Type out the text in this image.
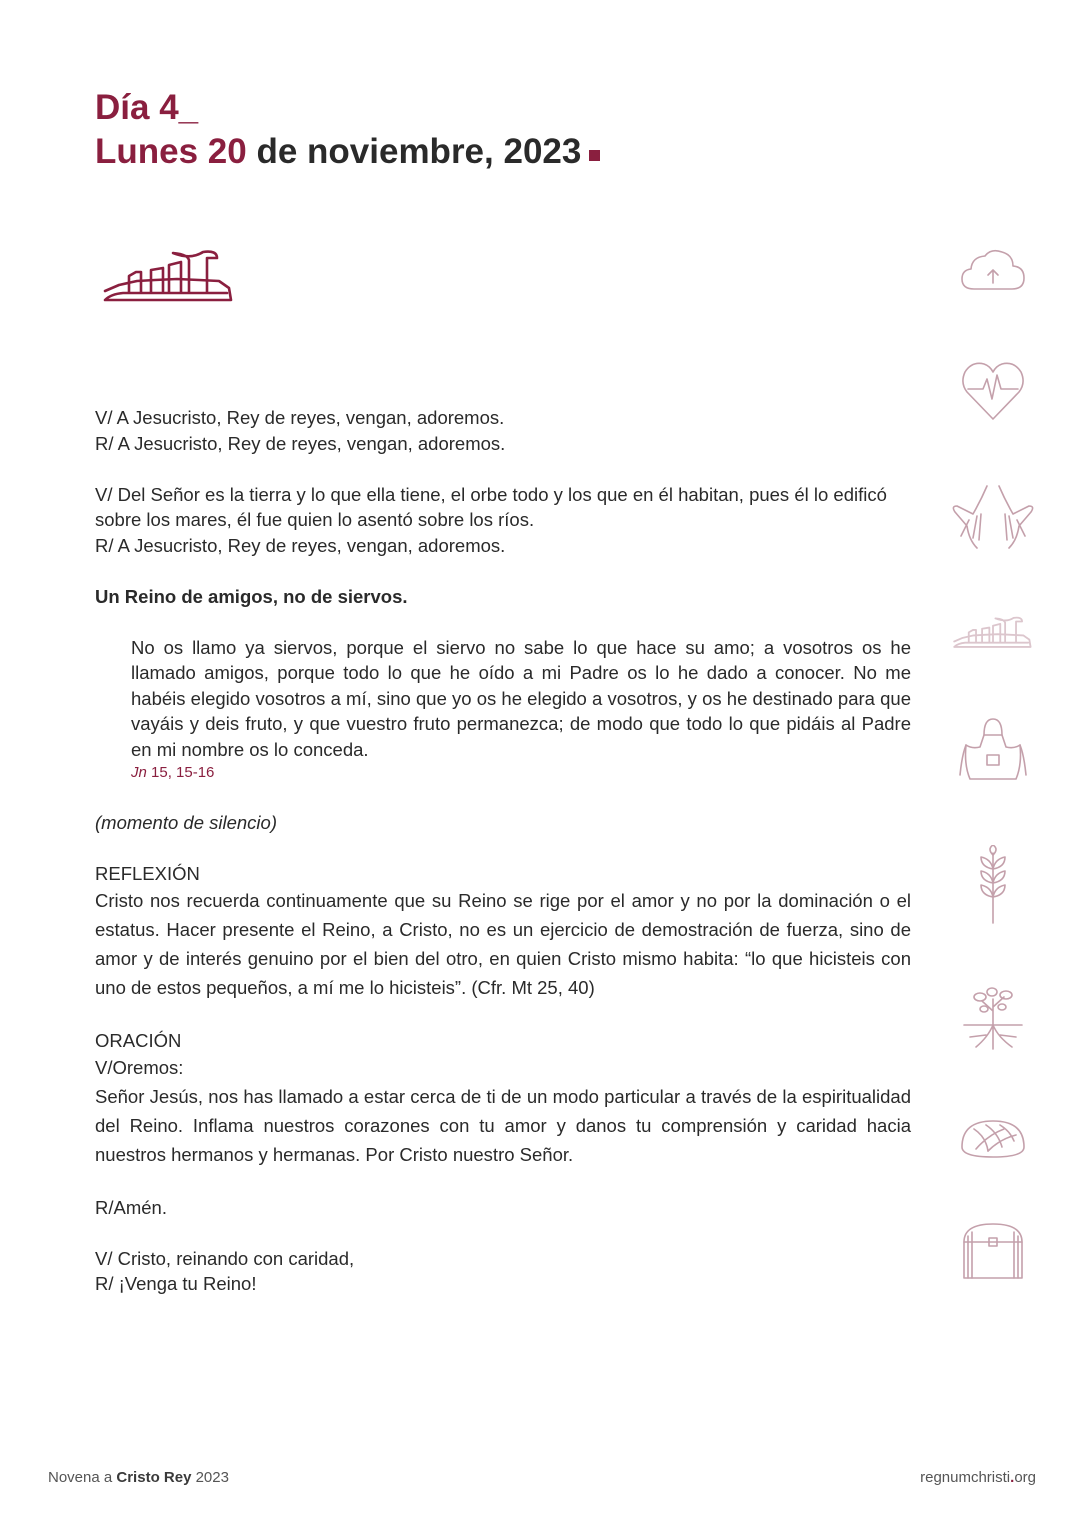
Día 4_
Lunes 20 de noviembre, 2023

V/ A Jesucristo, Rey de reyes, vengan, adoremos.

R/ A Jesucristo, Rey de reyes, vengan, adoremos.

V/ Del Señor es la tierra y lo que ella tiene, el orbe todo y los que en él habitan, pues él lo edificó

sobre los mares, él fue quien lo asentó sobre los ríos.

R/ A Jesucristo, Rey de reyes, vengan, adoremos.

Un Reino de amigos, no de siervos.

No os llamo ya siervos, porque el siervo no sabe lo que hace su amo; a vosotros os he llamado amigos, porque todo lo que he oído a mi Padre os lo he dado a conocer. No me habéis elegido vosotros a mí, sino que yo os he elegido a vosotros, y os he destinado para que vayáis y deis fruto, y que vuestro fruto permanezca; de modo que todo lo que pidáis al Padre en mi nombre os lo conceda.

Jn 15, 15-16

(momento de silencio)

REFLEXIÓN

Cristo nos recuerda continuamente que su Reino se rige por el amor y no por la dominación o el estatus. Hacer presente el Reino, a Cristo, no es un ejercicio de demostración de fuerza, sino de amor y de interés genuino por el bien del otro, en quien Cristo mismo habita: “lo que hicisteis con uno de estos pequeños, a mí me lo hicisteis”. (Cfr. Mt 25, 40)

ORACIÓN

V/Oremos:

Señor Jesús, nos has llamado a estar cerca de ti de un modo particular a través de la espiritualidad del Reino. Inflama nuestros corazones con tu amor y danos tu comprensión y caridad hacia nuestros hermanos y hermanas. Por Cristo nuestro Señor.

R/Amén.

V/ Cristo, reinando con caridad,

R/ ¡Venga tu Reino!

Novena a Cristo Rey 2023	regnumchristi.org
